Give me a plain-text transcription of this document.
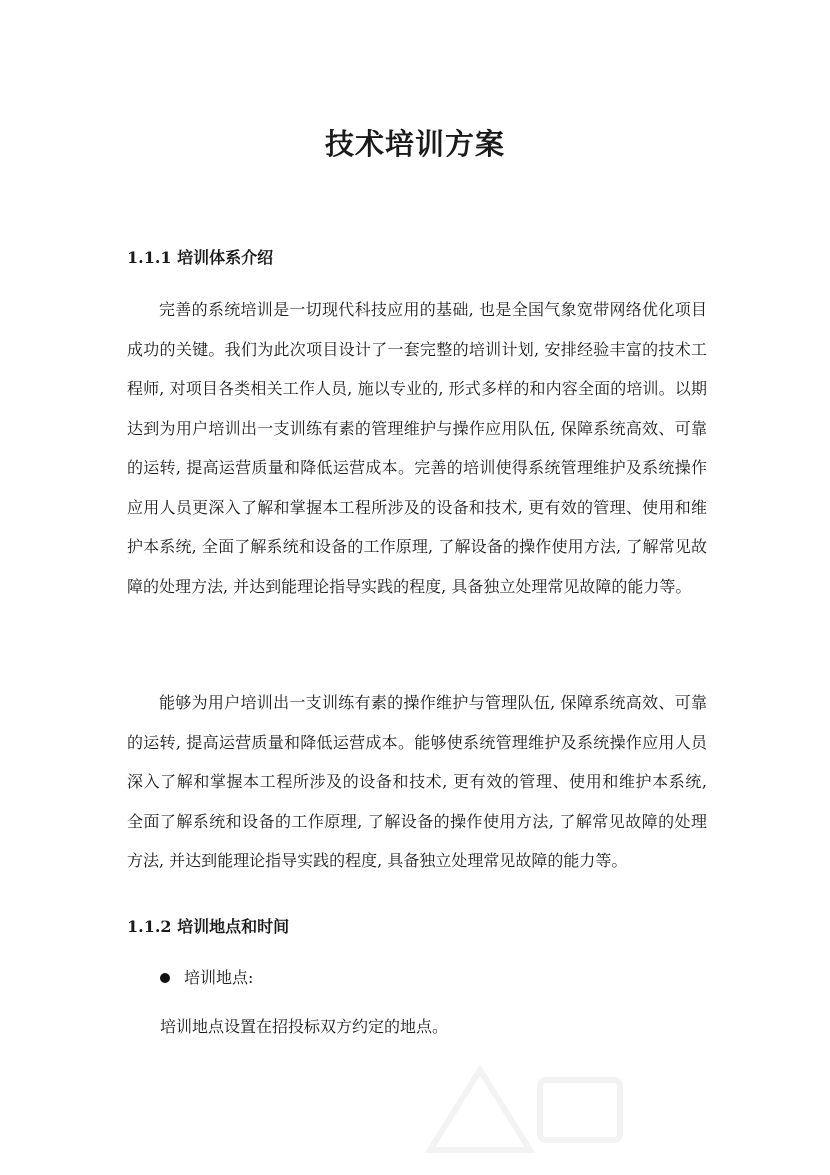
技术培训方案
1.1.1 培训体系介绍

完善的系统培训是一切现代科技应用的基础, 也是全国气象宽带网络优化项目成功的关键。我们为此次项目设计了一套完整的培训计划, 安排经验丰富的技术工程师, 对项目各类相关工作人员, 施以专业的, 形式多样的和内容全面的培训。以期达到为用户培训出一支训练有素的管理维护与操作应用队伍, 保障系统高效、可靠的运转, 提高运营质量和降低运营成本。完善的培训使得系统管理维护及系统操作应用人员更深入了解和掌握本工程所涉及的设备和技术, 更有效的管理、使用和维护本系统, 全面了解系统和设备的工作原理, 了解设备的操作使用方法, 了解常见故障的处理方法, 并达到能理论指导实践的程度, 具备独立处理常见故障的能力等。

能够为用户培训出一支训练有素的操作维护与管理队伍, 保障系统高效、可靠的运转, 提高运营质量和降低运营成本。能够使系统管理维护及系统操作应用人员深入了解和掌握本工程所涉及的设备和技术, 更有效的管理、使用和维护本系统, 全面了解系统和设备的工作原理, 了解设备的操作使用方法, 了解常见故障的处理方法, 并达到能理论指导实践的程度, 具备独立处理常见故障的能力等。

1.1.2 培训地点和时间
培训地点:

培训地点设置在招投标双方约定的地点。
